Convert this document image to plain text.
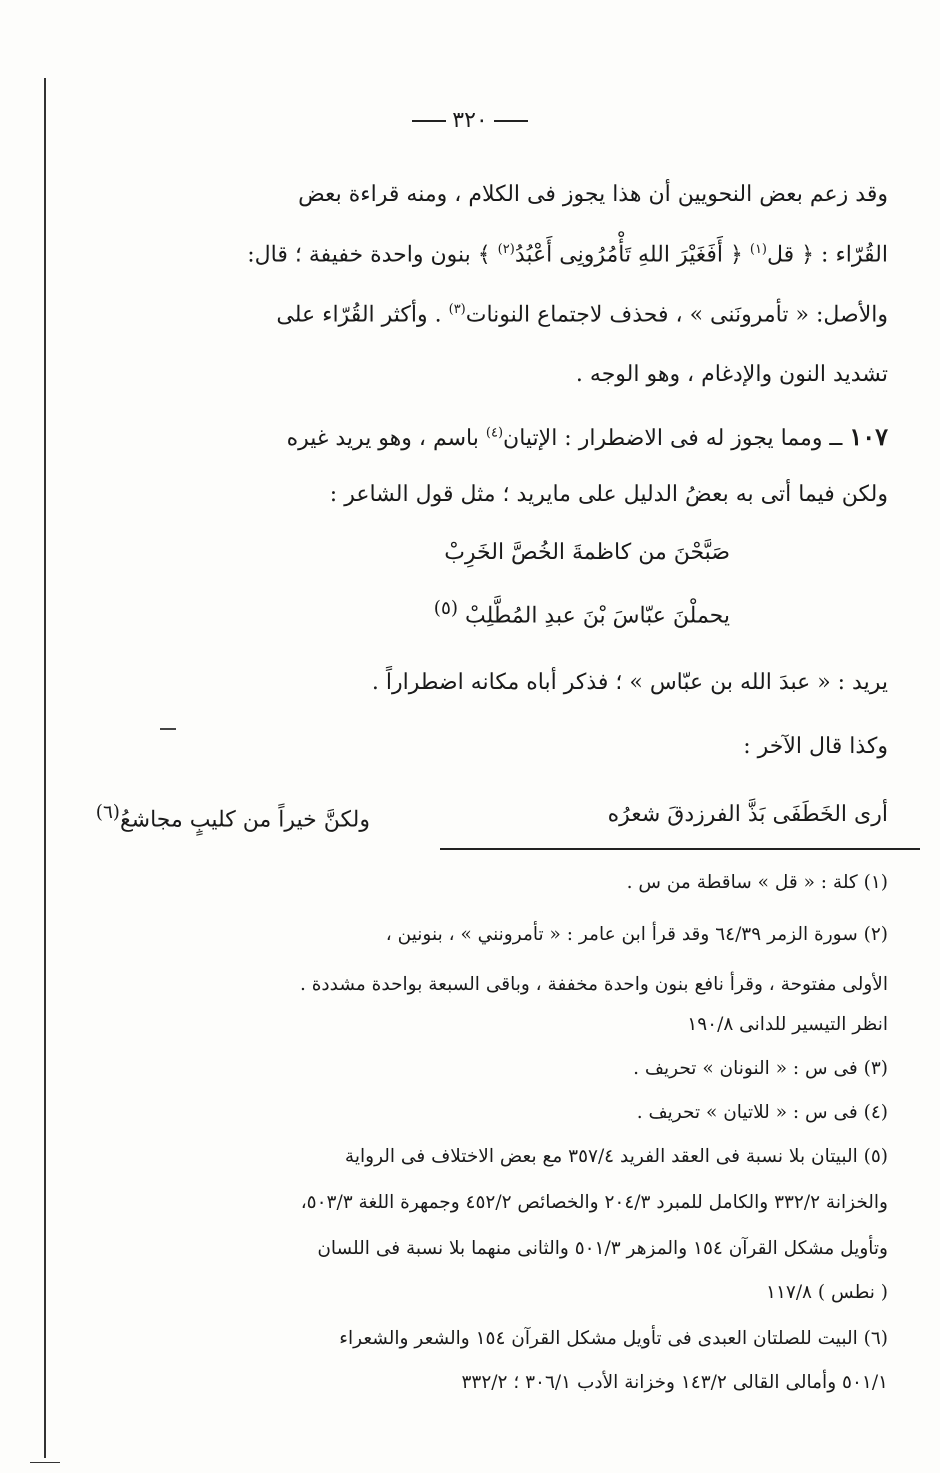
٣٢٠
وقد زعم بعض النحويين أن هذا يجوز فى الكلام ، ومنه قراءة بعض
القُرّاء : ﴿ قل$^{(١)}$ ﴿ أَفَغَيْرَ اللهِ تَأْمُرُونِى أَعْبُدُ$^{(٢)}$ ﴾ بنون واحدة خفيفة ؛ قال:
والأصل: « تأمرونَنى » ، فحذف لاجتماع النونات$^{(٣)}$ . وأكثر القُرّاء على
تشديد النون والإدغام ، وهو الوجه .
١٠٧ ــ ومما يجوز له فى الاضطرار : الإتيان$^{(٤)}$ باسم ، وهو يريد غيره
ولكن فيما أتى به بعضُ الدليل على مايريد ؛ مثل قول الشاعر :
صَبَّحْنَ من كاظمةَ الخُصَّ الخَرِبْ
يحملْنَ عبّاسَ بْنَ عبدِ المُطَّلِبْ $^{(٥)}$
يريد : « عبدَ الله بن عبّاس » ؛ فذكر أباه مكانه اضطراراً .
وكذا قال الآخر :
أرى الخَطَفَى بَذَّ الفرزدقَ شعرُه
ولكنَّ خيراً من كليبٍ مجاشعُ$^{(٦)}$
(١) كلة : « قل » ساقطة من س .
(٢) سورة الزمر ٦٤/٣٩ وقد قرأ ابن عامر : « تأمرونني » ، بنونين ،
الأولى مفتوحة ، وقرأ نافع بنون واحدة مخففة ، وباقى السبعة بواحدة مشددة .
انظر التيسير للدانى ١٩٠/٨
(٣) فى س : « النونان » تحريف .
(٤) فى س : « للاتيان » تحريف .
(٥) البيتان بلا نسبة فى العقد الفريد ٣٥٧/٤ مع بعض الاختلاف فى الرواية
والخزانة ٣٣٢/٢ والكامل للمبرد ٢٠٤/٣ والخصائص ٤٥٢/٢ وجمهرة اللغة ٥٠٣/٣،
وتأويل مشكل القرآن ١٥٤ والمزهر ٥٠١/٣ والثانى منهما بلا نسبة فى اللسان
( نطس ) ١١٧/٨
(٦) البيت للصلتان العبدى فى تأويل مشكل القرآن ١٥٤ والشعر والشعراء
٥٠١/١ وأمالى القالى ١٤٣/٢ وخزانة الأدب ٣٠٦/١ ؛ ٣٣٢/٢
